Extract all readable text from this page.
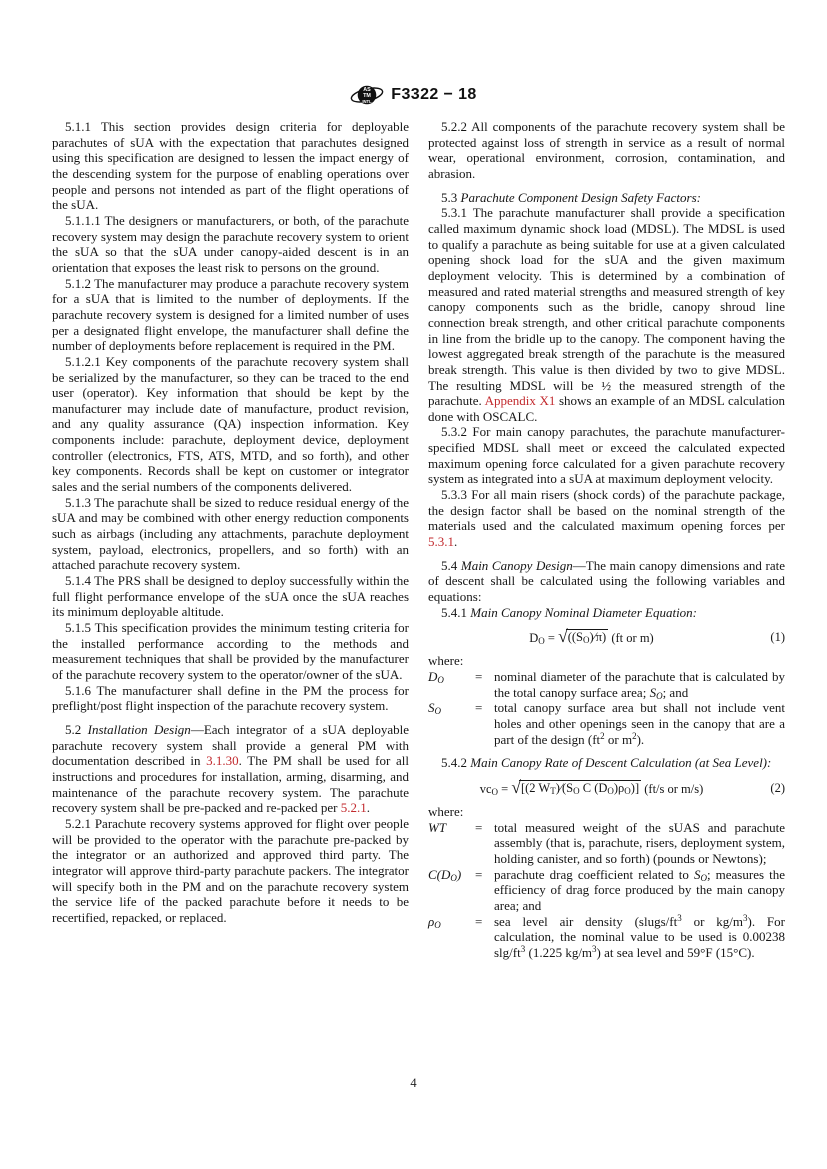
AS
TM
INTL F3322 − 18

5.1.1 This section provides design criteria for deployable parachutes of sUA with the expectation that parachutes designed using this specification are designed to lessen the impact energy of the descending system for the purpose of enabling operations over people and persons not intended as part of the flight operations of the sUA.

5.1.1.1 The designers or manufacturers, or both, of the parachute recovery system may design the parachute recovery system to orient the sUA so that the sUA under canopy-aided descent is in an orientation that exposes the least risk to persons on the ground.

5.1.2 The manufacturer may produce a parachute recovery system for a sUA that is limited to the number of deployments. If the parachute recovery system is designed for a limited number of uses per a designated flight envelope, the manufacturer shall define the number of deployments before replacement is required in the PM.

5.1.2.1 Key components of the parachute recovery system shall be serialized by the manufacturer, so they can be traced to the end user (operator). Key information that should be kept by the manufacturer may include date of manufacture, product revision, and any quality assurance (QA) inspection information. Key components include: parachute, deployment device, deployment controller (electronics, FTS, ATS, MTD, and so forth), and other key components. Records shall be kept on customer or integrator sales and the serial numbers of the components delivered.

5.1.3 The parachute shall be sized to reduce residual energy of the sUA and may be combined with other energy reduction components such as airbags (including any attachments, parachute deployment system, payload, electronics, propellers, and so forth) with an attached parachute recovery system.

5.1.4 The PRS shall be designed to deploy successfully within the full flight performance envelope of the sUA once the sUA reaches its minimum deployable altitude.

5.1.5 This specification provides the minimum testing criteria for the installed performance according to the methods and measurement techniques that shall be provided by the manufacturer of the parachute recovery system to the operator/owner of the sUA.

5.1.6 The manufacturer shall define in the PM the process for preflight/post flight inspection of the parachute recovery system.

5.2 Installation Design—Each integrator of a sUA deployable parachute recovery system shall provide a general PM with documentation described in 3.1.30. The PM shall be used for all instructions and procedures for installation, arming, disarming, and maintenance of the parachute recovery system. The parachute recovery system shall be pre-packed and re-packed per 5.2.1.

5.2.1 Parachute recovery systems approved for flight over people will be provided to the operator with the parachute pre-packed by the integrator or an authorized and approved third party. The integrator will approve third-party parachute packers. The integrator will specify both in the PM and on the parachute recovery system the service life of the packed parachute before it needs to be recertified, repacked, or replaced.

5.2.2 All components of the parachute recovery system shall be protected against loss of strength in service as a result of normal wear, operational environment, corrosion, contamination, and abrasion.

5.3 Parachute Component Design Safety Factors:

5.3.1 The parachute manufacturer shall provide a specification called maximum dynamic shock load (MDSL). The MDSL is used to qualify a parachute as being suitable for use at a given calculated opening shock load for the sUA and the given maximum deployment velocity. This is determined by a combination of measured and rated material strengths and measured strength of key canopy components such as the bridle, canopy shroud line connection break strength, and other critical parachute components in line from the bridle up to the canopy. The component having the lowest aggregated break strength of the parachute is the measured break strength. This value is then divided by two to give MDSL. The resulting MDSL will be ½ the measured strength of the parachute. Appendix X1 shows an example of an MDSL calculation done with OSCALC.

5.3.2 For main canopy parachutes, the parachute manufacturer-specified MDSL shall meet or exceed the calculated expected maximum opening force calculated for a given parachute recovery system as integrated into a sUA at maximum deployment velocity.

5.3.3 For all main risers (shock cords) of the parachute package, the design factor shall be based on the nominal strength of the materials used and the calculated maximum opening forces per 5.3.1.

5.4 Main Canopy Design—The main canopy dimensions and rate of descent shall be calculated using the following variables and equations:

5.4.1 Main Canopy Nominal Diameter Equation:

DO = √ ((SO)⁄π) (ft or m)	(1)

where:

DO	= nominal diameter of the parachute that is calculated by the total canopy surface area; SO; and
SO	= total canopy surface area but shall not include vent holes and other openings seen in the canopy that are a part of the design ($ft^2$ or $m^2$).

5.4.2 Main Canopy Rate of Descent Calculation (at Sea Level):

vcO = √ [(2 WT)⁄(SO C (DO)ρO)] (ft/s or m/s)	(2)

where:

WT	= total measured weight of the sUAS and parachute assembly (that is, parachute, risers, deployment system, holding canister, and so forth) (pounds or Newtons);
C(DO)	= parachute drag coefficient related to SO; measures the efficiency of drag force produced by the main canopy area; and
ρO	= sea level air density ($slugs/ft^3$ or $kg/m^3$). For calculation, the nominal value to be used is 0.00238 slg/$ft^3$ (1.225 $kg/m^3$) at sea level and 59°F (15°C).
4
